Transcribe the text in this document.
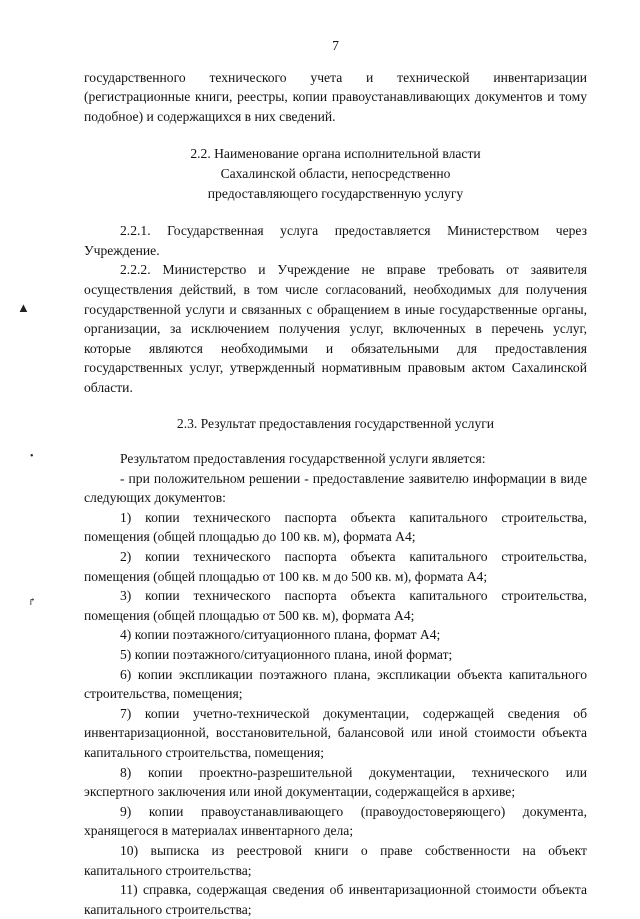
▲
•
↱
7

государственного технического учета и технической инвентаризации (регистрационные книги, реестры, копии правоустанавливающих документов и тому подобное) и содержащихся в них сведений.

2.2. Наименование органа исполнительной власти

Сахалинской области, непосредственно

предоставляющего государственную услугу

2.2.1. Государственная услуга предоставляется Министерством через Учреждение.

2.2.2. Министерство и Учреждение не вправе требовать от заявителя осуществления действий, в том числе согласований, необходимых для получения государственной услуги и связанных с обращением в иные государственные органы, организации, за исключением получения услуг, включенных в перечень услуг, которые являются необходимыми и обязательными для предоставления государственных услуг, утвержденный нормативным правовым актом Сахалинской области.

2.3. Результат предоставления государственной услуги

Результатом предоставления государственной услуги является:

- при положительном решении - предоставление заявителю информации в виде следующих документов:

1) копии технического паспорта объекта капитального строительства, помещения (общей площадью до 100 кв. м), формата А4;

2) копии технического паспорта объекта капитального строительства, помещения (общей площадью от 100 кв. м до 500 кв. м), формата А4;

3) копии технического паспорта объекта капитального строительства, помещения (общей площадью от 500 кв. м), формата А4;

4) копии поэтажного/ситуационного плана, формат А4;

5) копии поэтажного/ситуационного плана, иной формат;

6) копии экспликации поэтажного плана, экспликации объекта капитального строительства, помещения;

7) копии учетно-технической документации, содержащей сведения об инвентаризационной, восстановительной, балансовой или иной стоимости объекта капитального строительства, помещения;

8) копии проектно-разрешительной документации, технического или экспертного заключения или иной документации, содержащейся в архиве;

9) копии правоустанавливающего (правоудостоверяющего) документа, хранящегося в материалах инвентарного дела;

10) выписка из реестровой книги о праве собственности на объект капитального строительства;

11) справка, содержащая сведения об инвентаризационной стоимости объекта капитального строительства;
